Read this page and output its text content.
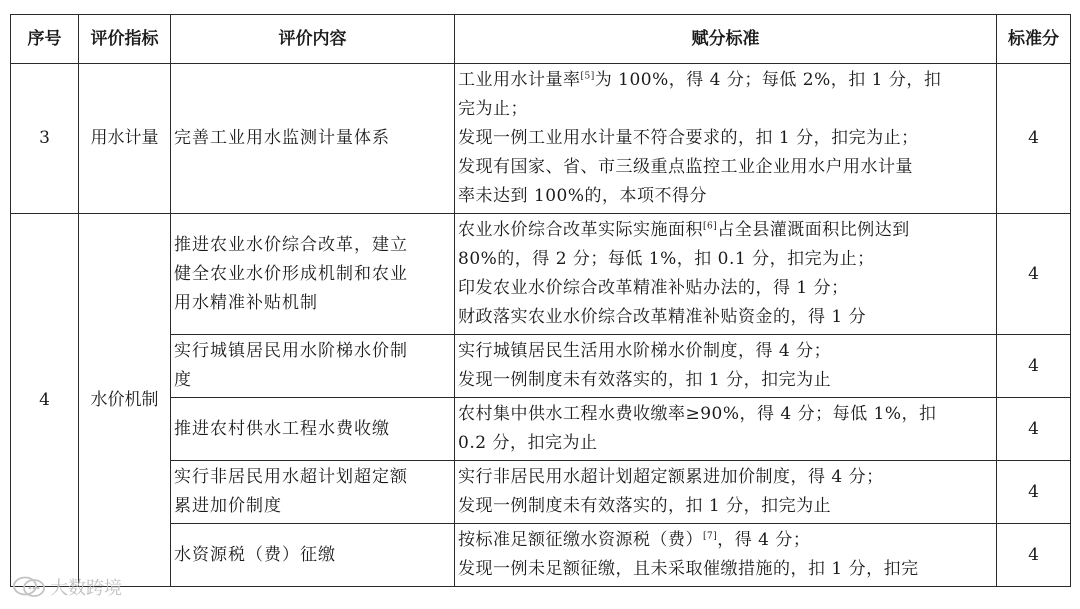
序号	评价指标	评价内容	赋分标准	标准分
3	用水计量	完善工业用水监测计量体系	工业用水计量率[5]为 100%，得 4 分；每低 2%，扣 1 分，扣
完为止；
发现一例工业用水计量不符合要求的，扣 1 分，扣完为止；
发现有国家、省、市三级重点监控工业企业用水户用水计量
率未达到 100%的，本项不得分	4
4	水价机制	推进农业水价综合改革，建立
健全农业水价形成机制和农业
用水精准补贴机制	农业水价综合改革实际实施面积[6]占全县灌溉面积比例达到
80%的，得 2 分；每低 1%，扣 0.1 分，扣完为止；
印发农业水价综合改革精准补贴办法的，得 1 分；
财政落实农业水价综合改革精准补贴资金的，得 1 分	4

		实行城镇居民用水阶梯水价制
度	实行城镇居民生活用水阶梯水价制度，得 4 分；
发现一例制度未有效落实的，扣 1 分，扣完为止	4

		推进农村供水工程水费收缴	农村集中供水工程水费收缴率≥90%，得 4 分；每低 1%，扣
0.2 分，扣完为止	4

		实行非居民用水超计划超定额
累进加价制度	实行非居民用水超计划超定额累进加价制度，得 4 分；
发现一例制度未有效落实的，扣 1 分，扣完为止	4

		水资源税（费）征缴	按标准足额征缴水资源税（费）[7]，得 4 分；
发现一例未足额征缴，且未采取催缴措施的，扣 1 分，扣完	4
大数跨境
